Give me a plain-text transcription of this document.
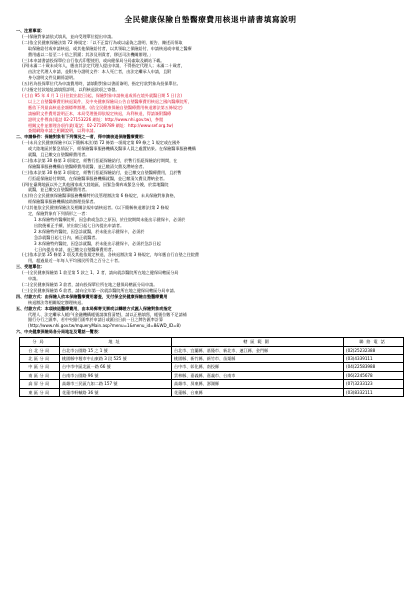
全民健康保險自墊醫療費用核退申請書填寫說明
一、注意事項：
(一)保險對象請依式填具，並向受理單位提出申請。
(二)依全民健康保險法第 72 條規定：「以不正當行為或以虛偽之證明、報告、陳述而領取
取保險給付或申請核退、或其他保險給付者，以其領取之保險給付、申請核退或申報之醫療
費用處以二倍至二十倍之罰鍰；其涉及刑責者，移送司法機關辦理。」
(三)本申請書請投保單位自行依式印製使用，或向健保局分局索取及網站下載。
(四)未滿二十歲未成年人，應由其法定代理人提出申請，不得指定代理人；未滿二十歲者，
由法定代理人申請，並附身分證明文件：本人死亡者，由法定繼承人申請，且附
身分證明文件及關係證明。
(五)若為投保單位代為申請費用時，請填附對象以書面簽明，指定付款對象為投保單位。
(六)指定付款地址請填寫詳明，以利核退款項之寄發。
(七)自 95 年 4 月 1 日(住院出院日)起，保險對象申請核退或係在境外就醫日期 5 日(含)
以上之自墊醫療費用核退案件，及中央健康保險局公告自墊醫療費用核退之國內醫療院所，
應依下列最高核退金額標準辦理。(依全民健康保險自墊醫療費用核退辦法第五條規定)
請檢附文件費用證明正本，本局受理後即依規定核退，為利核退，得請簽附醫療
證明文件傳真(電話 02-27153226 網址：http://www.nhi.gov.tw)，參閱
相關文件並辦理各項作業(電話：02-27189789 網址：http://www.sef.org.tw)
查閱網路申請之相關說明，以利申請。
二、申請條件：保險對象有下列情況之一者，得申請核退保險醫療費用：
(一)未具全民健康保險卡(以下簡稱本法)第 72 條第一項規定第 69 條之 1 規定或在國外
或大陸地區於緊急情況下，經保險醫事服務機構及醫事人員之處置結果。在保險醫事服務機構
就醫，且已繳交自墊醫療費用者。
(二)依本法第 30 條第 3 項規定，經暫行拒絕保險給付，於暫行拒絕保險給付期間，在
保險醫事服務機構自墊醫療費用就醫，並已繳清欠費及滯納金者。
(三)依本法第 30 條第 3 項規定，經暫行拒絕保險給付，並已繳交自墊醫療費用，且於暫
行拒絕保險給付期間，在保險醫事服務機構就醫，並已繳清欠費及滯納金者。
(四)在臺灣地區以外之其他國家或大陸地區，因緊急傷病或緊急分娩，於當地醫院
就醫，並已繳交自墊醫療費用者。
(五)符合全民健康保險醫事服務機構特約及管理辦法第 6 條規定，未具保險對象資格，
經保險醫事服務機構協助辦理投保者。
(六)其他依全民健康保險法及相關法規申請核退者。(以下簡稱核退辦法)第 2 條規
定，保險對象有下列情形之一者：
1 本保險特約醫療院所，因急救或急診之原因，於住院期間未能出示健保卡，必須於
出院後補正手續，於出院日起七日內提出申請者。
2 本保險特約醫院，因急診就醫，於未能出示健保卡，必須於
急診就醫日起七日內，補正就醫者。
3 本保險特約醫院，因急診就醫，於未能出示健保卡，必須於急診日起
七日內提出申請，並已繳交自墊醫療費用者。
(七)依本法第 35 條第 2 項及其他依規定核退，各核退辦法第 3 條規定，每年應自行自墊之住院費
用，超過最近一年每人平均國民所得之百分之十者。
三、受理單位：
(一)全民健康保險第 1 款至第 5 款之 1、2 者，請向就診醫院所在地之健保局轄區分局
申請。
(二)全民健康保險第 3 款者，請向投保單位所在地之健保局轄區分局申請。
(三)全民健康保險第 6 款者，請向全年第一次就診醫院所在地之健保局轄區分局申請。
四、付款方式：由保險人依本保險醫療費用審查，支付保全民健康保險自墊醫療費用
核退辦法等相關規定辦理核退。
五、付款方式：本項核退醫療費用，由本局郵寄支票或以轉帳方式匯入保險對象或指定
代理人、法定繼承人帳戶(金融機構帳號請填寫清楚)，請以正楷填寫，帳號位數不足請補
銀行分行之匯率，若中央銀行匯率於申請日或匯出日前一日之牌告匯率計算
(http://www.nhi.gov.tw/mqueryMain.asp?menu=1&menu_id=8&WD_ID=8)
六、中央健康保險局各分局地址及電話一覽表：
分局	地址	轄區範圍	聯絡電話
台北分局	台北市公園路 15 之 1 號	台北市、宜蘭縣、基隆市、新北市、連江縣、金門縣	(02)25232388
北區分局	桃園縣中壢市中山東路 3 段 525 號	桃園縣、新竹縣、新竹市、苗栗縣	(03)4339111
中區分局	台中市中區北區一路 66 號	台中市、彰化縣、南投縣	(04)22583988
南區分局	台南市公園路 96 號	雲林縣、嘉義縣、嘉義市、台南市	(06)2245678
高屏分局	高雄市三民區九如二路 157 號	高雄市、屏東縣、澎湖縣	(07)3233123
東區分局	花蓮市軒轅路 36 號	花蓮縣、台東縣	(03)8332111
